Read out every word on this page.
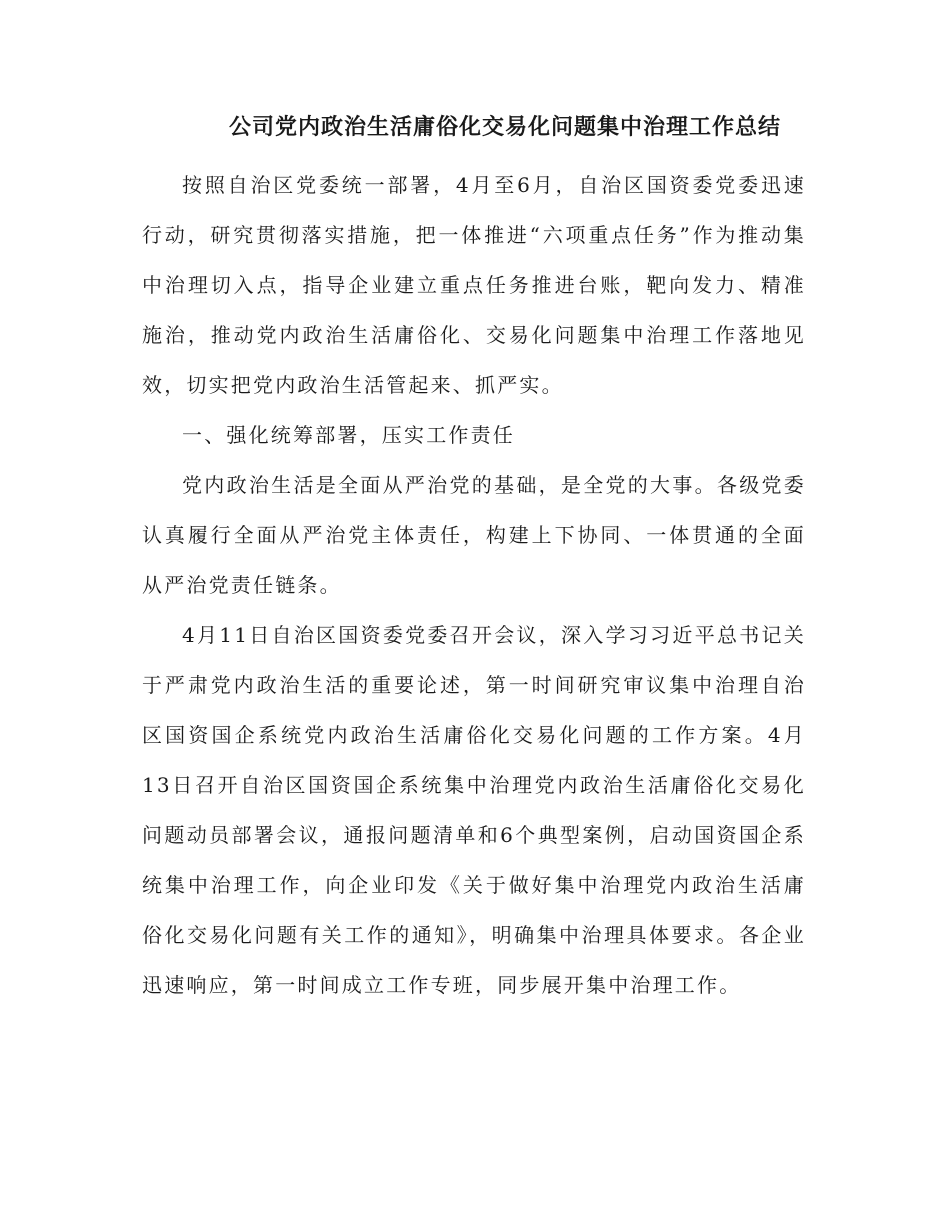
公司党内政治生活庸俗化交易化问题集中治理工作总结

按照自治区党委统一部署，4月至6月，自治区国资委党委迅速行动，研究贯彻落实措施，把一体推进“六项重点任务”作为推动集中治理切入点，指导企业建立重点任务推进台账，靶向发力、精准施治，推动党内政治生活庸俗化、交易化问题集中治理工作落地见效，切实把党内政治生活管起来、抓严实。

一、强化统筹部署，压实工作责任

党内政治生活是全面从严治党的基础，是全党的大事。各级党委认真履行全面从严治党主体责任，构建上下协同、一体贯通的全面从严治党责任链条。

4月11日自治区国资委党委召开会议，深入学习习近平总书记关于严肃党内政治生活的重要论述，第一时间研究审议集中治理自治区国资国企系统党内政治生活庸俗化交易化问题的工作方案。4月13日召开自治区国资国企系统集中治理党内政治生活庸俗化交易化问题动员部署会议，通报问题清单和6个典型案例，启动国资国企系统集中治理工作，向企业印发《关于做好集中治理党内政治生活庸俗化交易化问题有关工作的通知》，明确集中治理具体要求。各企业迅速响应，第一时间成立工作专班，同步展开集中治理工作。
